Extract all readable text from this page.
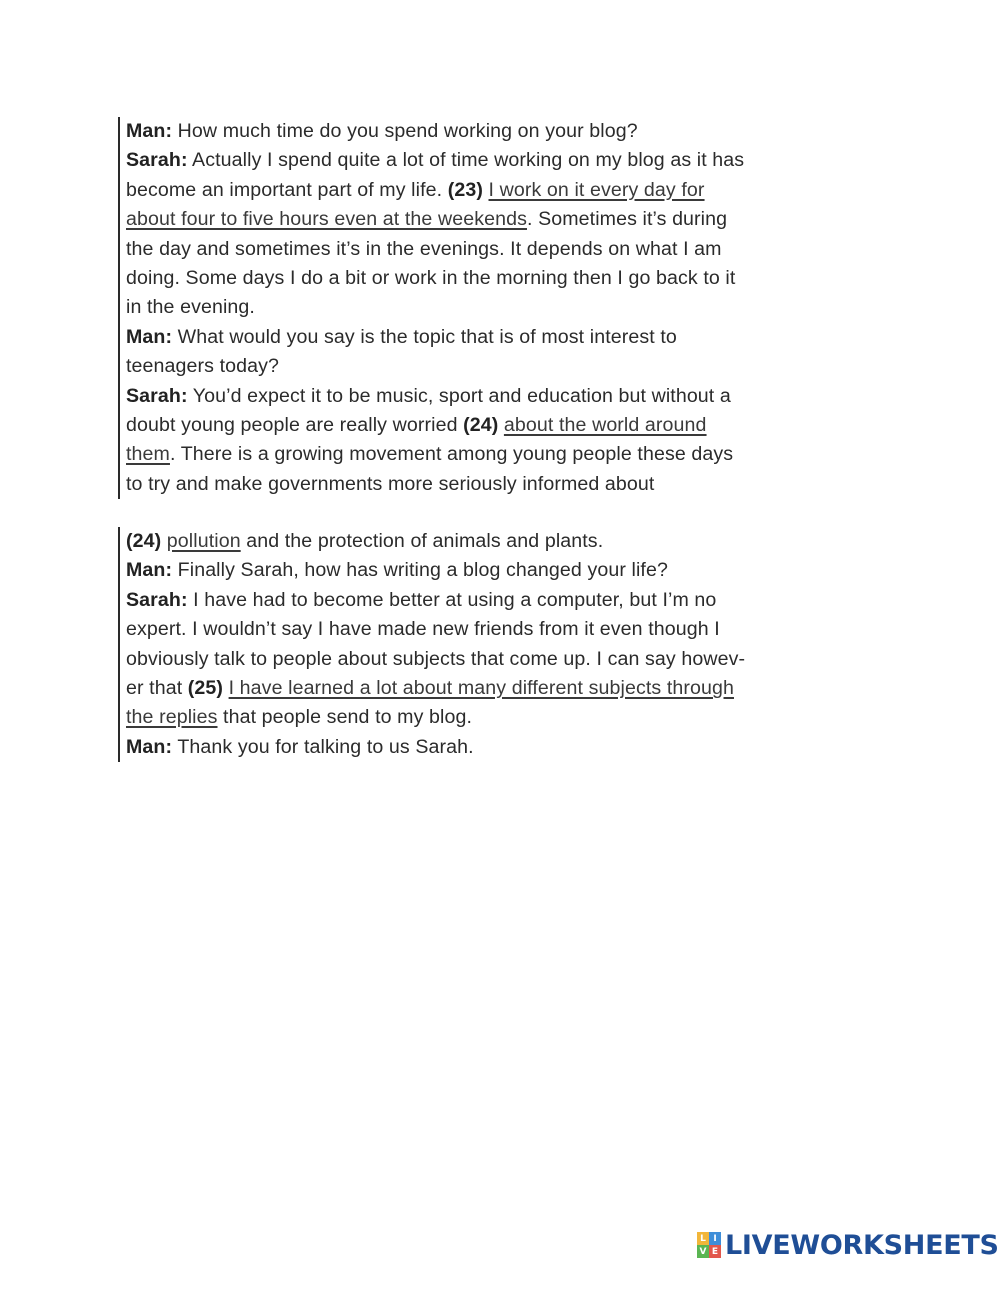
Man: How much time do you spend working on your blog?
Sarah: Actually I spend quite a lot of time working on my blog as it has
become an important part of my life. (23) I work on it every day for
about four to five hours even at the weekends. Sometimes it’s during
the day and sometimes it’s in the evenings. It depends on what I am
doing. Some days I do a bit or work in the morning then I go back to it
in the evening.
Man: What would you say is the topic that is of most interest to
teenagers today?
Sarah: You’d expect it to be music, sport and education but without a
doubt young people are really worried (24) about the world around
them. There is a growing movement among young people these days
to try and make governments more seriously informed about
(24) pollution and the protection of animals and plants.
Man: Finally Sarah, how has writing a blog changed your life?
Sarah: I have had to become better at using a computer, but I’m no
expert. I wouldn’t say I have made new friends from it even though I
obviously talk to people about subjects that come up. I can say howev-
er that (25) I have learned a lot about many different subjects through
the replies that people send to my blog.
Man: Thank you for talking to us Sarah.
L I
V E LIVEWORKSHEETS
